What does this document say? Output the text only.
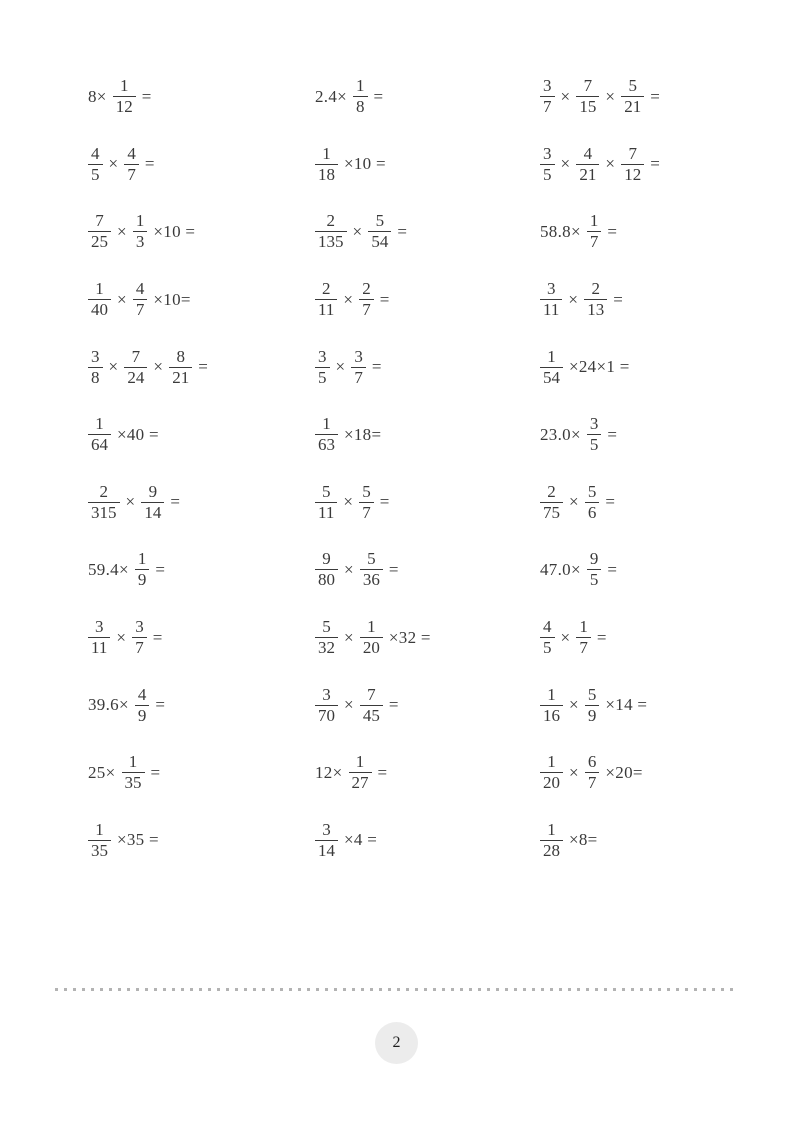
$8\times \frac{1}{12}$ =	$2.4\times \frac{1}{8}$ =	$\frac{3}{7} \times \frac{7}{15} \times \frac{5}{21}$ =
$\frac{4}{5} \times \frac{4}{7}$ =	$\frac{1}{18} \times 10$ =	$\frac{3}{5} \times \frac{4}{21} \times \frac{7}{12}$ =
$\frac{7}{25} \times \frac{1}{3} \times 10$ =	$\frac{2}{135} \times \frac{5}{54}$ =	$58.8\times \frac{1}{7}$ =
$\frac{1}{40} \times \frac{4}{7} \times 10=$	$\frac{2}{11} \times \frac{2}{7}$ =	$\frac{3}{11} \times \frac{2}{13}$ =
$\frac{3}{8} \times \frac{7}{24} \times \frac{8}{21}$ =	$\frac{3}{5} \times \frac{3}{7}$ =	$\frac{1}{54} \times 24\times 1$ =
$\frac{1}{64} \times 40$ =	$\frac{1}{63} \times 18=$	$23.0\times \frac{3}{5}$ =
$\frac{2}{315} \times \frac{9}{14}$ =	$\frac{5}{11} \times \frac{5}{7}$ =	$\frac{2}{75} \times \frac{5}{6}$ =
$59.4\times \frac{1}{9}$ =	$\frac{9}{80} \times \frac{5}{36}$ =	$47.0\times \frac{9}{5}$ =
$\frac{3}{11} \times \frac{3}{7}$ =	$\frac{5}{32} \times \frac{1}{20} \times 32$ =	$\frac{4}{5} \times \frac{1}{7}$ =
$39.6\times \frac{4}{9}$ =	$\frac{3}{70} \times \frac{7}{45}$ =	$\frac{1}{16} \times \frac{5}{9} \times 14$ =
$25\times \frac{1}{35}$ =	$12\times \frac{1}{27}$ =	$\frac{1}{20} \times \frac{6}{7} \times 20=$
$\frac{1}{35} \times 35$ =	$\frac{3}{14} \times 4$ =	$\frac{1}{28} \times 8=$
2
